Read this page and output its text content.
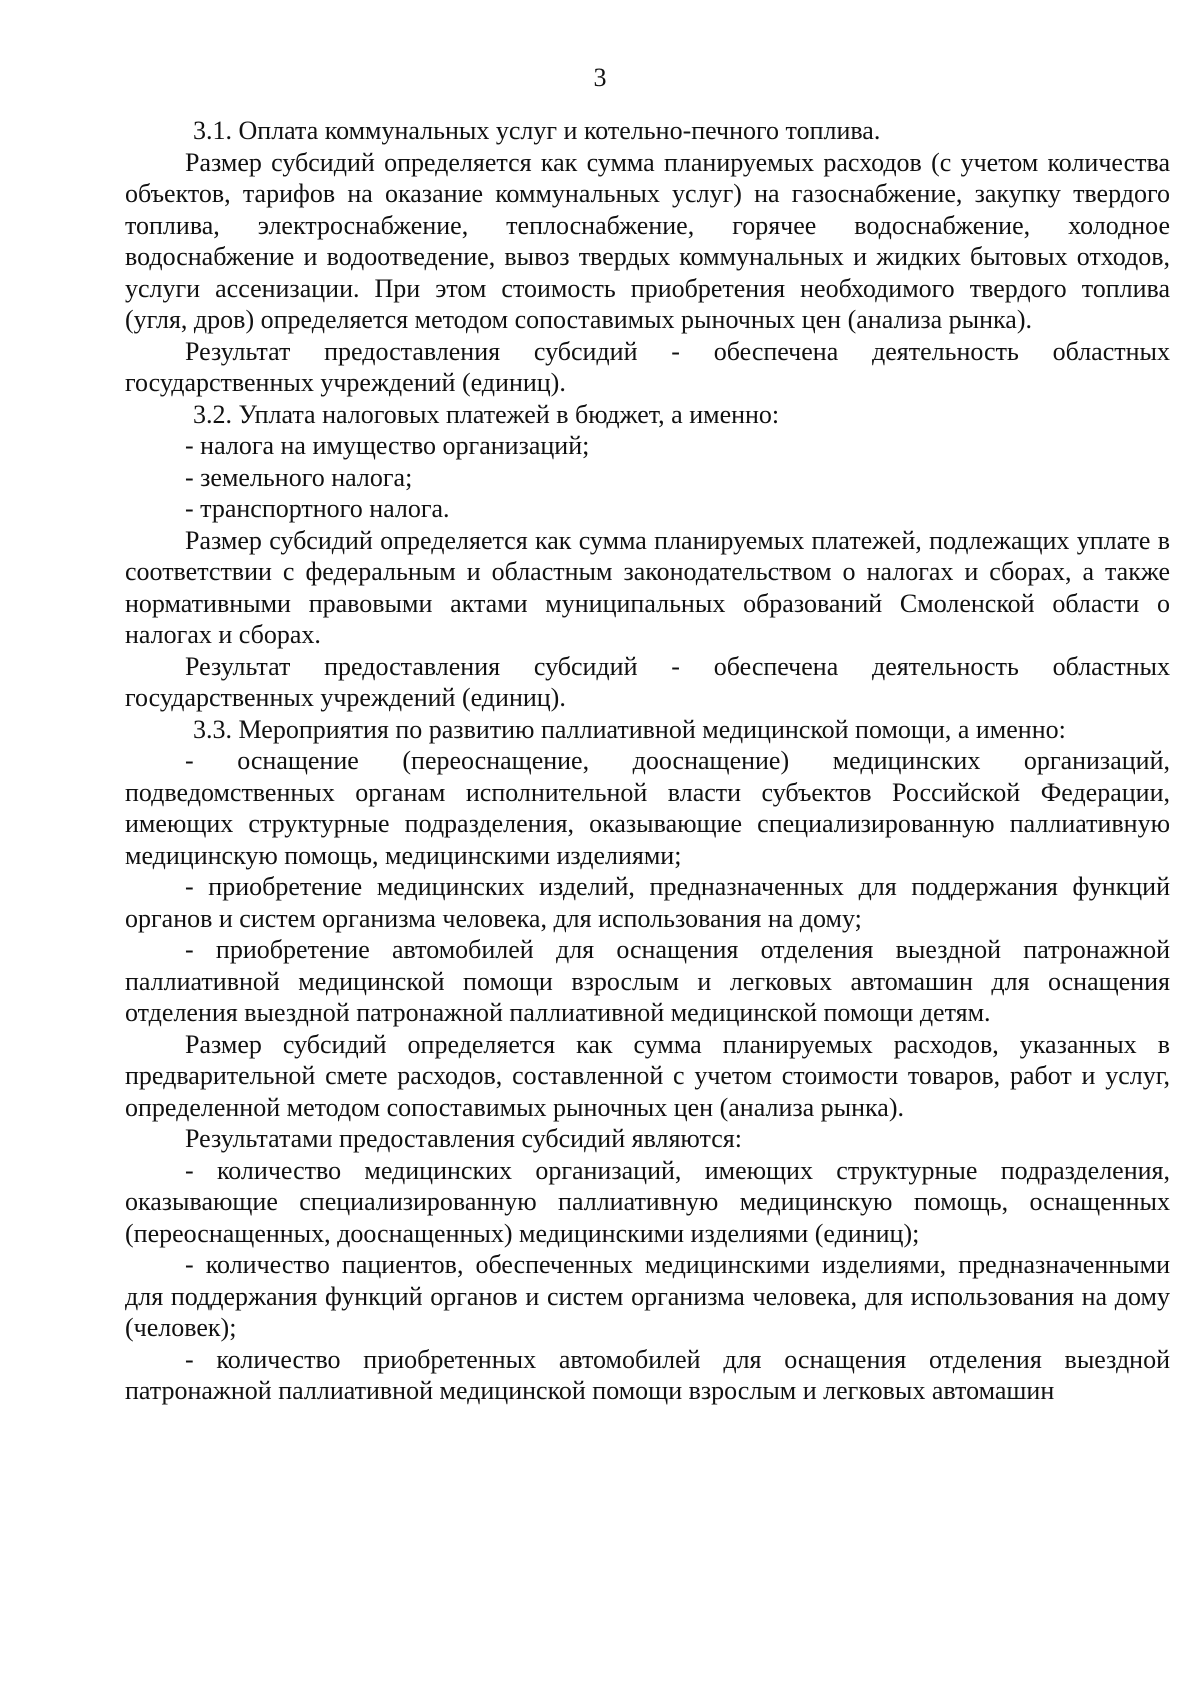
3

3.1. Оплата коммунальных услуг и котельно-печного топлива.

Размер субсидий определяется как сумма планируемых расходов (с учетом количества объектов, тарифов на оказание коммунальных услуг) на газоснабжение, закупку твердого топлива, электроснабжение, теплоснабжение, горячее водоснабжение, холодное водоснабжение и водоотведение, вывоз твердых коммунальных и жидких бытовых отходов, услуги ассенизации. При этом стоимость приобретения необходимого твердого топлива (угля, дров) определяется методом сопоставимых рыночных цен (анализа рынка).

Результат предоставления субсидий - обеспечена деятельность областных государственных учреждений (единиц).

3.2. Уплата налоговых платежей в бюджет, а именно:

- налога на имущество организаций;

- земельного налога;

- транспортного налога.

Размер субсидий определяется как сумма планируемых платежей, подлежащих уплате в соответствии с федеральным и областным законодательством о налогах и сборах, а также нормативными правовыми актами муниципальных образований Смоленской области о налогах и сборах.

Результат предоставления субсидий - обеспечена деятельность областных государственных учреждений (единиц).

3.3. Мероприятия по развитию паллиативной медицинской помощи, а именно:

- оснащение (переоснащение, дооснащение) медицинских организаций, подведомственных органам исполнительной власти субъектов Российской Федерации, имеющих структурные подразделения, оказывающие специализированную паллиативную медицинскую помощь, медицинскими изделиями;

- приобретение медицинских изделий, предназначенных для поддержания функций органов и систем организма человека, для использования на дому;

- приобретение автомобилей для оснащения отделения выездной патронажной паллиативной медицинской помощи взрослым и легковых автомашин для оснащения отделения выездной патронажной паллиативной медицинской помощи детям.

Размер субсидий определяется как сумма планируемых расходов, указанных в предварительной смете расходов, составленной с учетом стоимости товаров, работ и услуг, определенной методом сопоставимых рыночных цен (анализа рынка).

Результатами предоставления субсидий являются:

- количество медицинских организаций, имеющих структурные подразделения, оказывающие специализированную паллиативную медицинскую помощь, оснащенных (переоснащенных, дооснащенных) медицинскими изделиями (единиц);

- количество пациентов, обеспеченных медицинскими изделиями, предназначенными для поддержания функций органов и систем организма человека, для использования на дому (человек);

- количество приобретенных автомобилей для оснащения отделения выездной патронажной паллиативной медицинской помощи взрослым и легковых автомашин
